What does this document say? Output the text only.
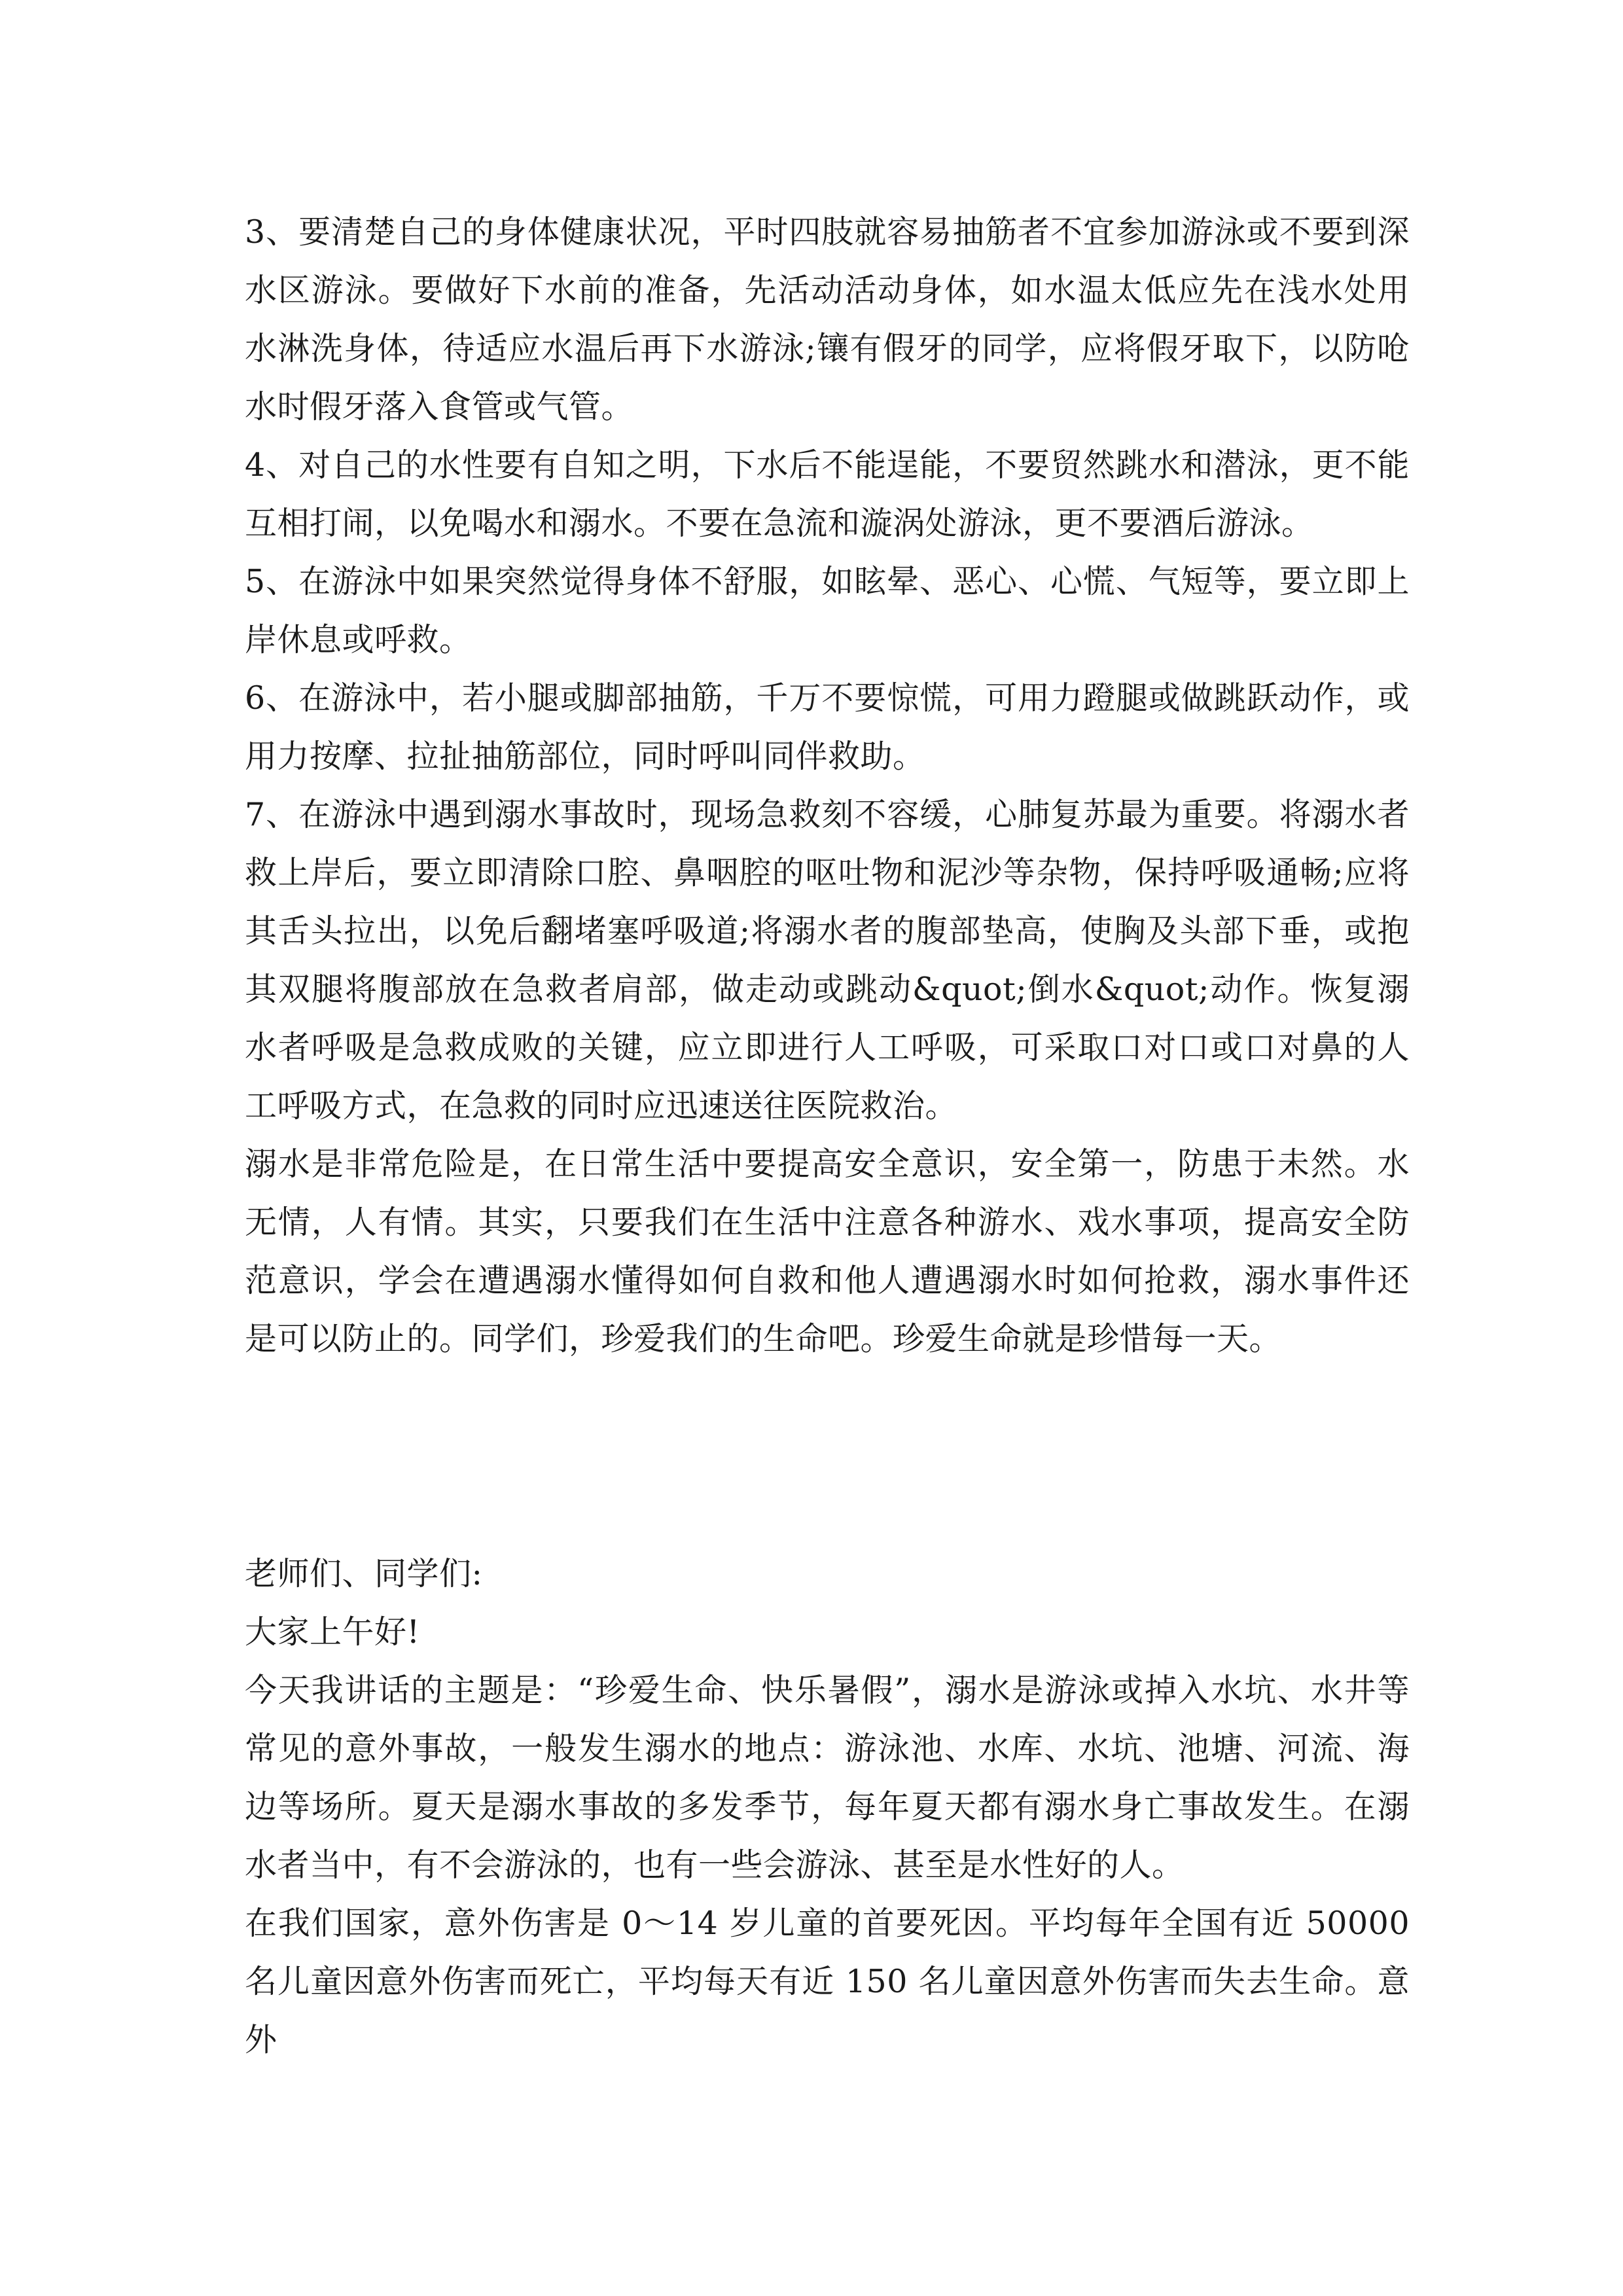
3、要清楚自己的身体健康状况，平时四肢就容易抽筋者不宜参加游泳或不要到深水区游泳。要做好下水前的准备，先活动活动身体，如水温太低应先在浅水处用水淋洗身体，待适应水温后再下水游泳;镶有假牙的同学，应将假牙取下，以防呛水时假牙落入食管或气管。

4、对自己的水性要有自知之明，下水后不能逞能，不要贸然跳水和潜泳，更不能互相打闹，以免喝水和溺水。不要在急流和漩涡处游泳，更不要酒后游泳。

5、在游泳中如果突然觉得身体不舒服，如眩晕、恶心、心慌、气短等，要立即上岸休息或呼救。

6、在游泳中，若小腿或脚部抽筋，千万不要惊慌，可用力蹬腿或做跳跃动作，或用力按摩、拉扯抽筋部位，同时呼叫同伴救助。

7、在游泳中遇到溺水事故时，现场急救刻不容缓，心肺复苏最为重要。将溺水者救上岸后，要立即清除口腔、鼻咽腔的呕吐物和泥沙等杂物，保持呼吸通畅;应将其舌头拉出，以免后翻堵塞呼吸道;将溺水者的腹部垫高，使胸及头部下垂，或抱其双腿将腹部放在急救者肩部，做走动或跳动&quot;倒水&quot;动作。恢复溺水者呼吸是急救成败的关键，应立即进行人工呼吸，可采取口对口或口对鼻的人工呼吸方式，在急救的同时应迅速送往医院救治。

溺水是非常危险是，在日常生活中要提高安全意识，安全第一，防患于未然。水无情，人有情。其实，只要我们在生活中注意各种游水、戏水事项，提高安全防范意识，学会在遭遇溺水懂得如何自救和他人遭遇溺水时如何抢救，溺水事件还是可以防止的。同学们，珍爱我们的生命吧。珍爱生命就是珍惜每一天。

老师们、同学们:

大家上午好!

今天我讲话的主题是：“珍爱生命、快乐暑假”，溺水是游泳或掉入水坑、水井等常见的意外事故，一般发生溺水的地点：游泳池、水库、水坑、池塘、河流、海边等场所。夏天是溺水事故的多发季节，每年夏天都有溺水身亡事故发生。在溺水者当中，有不会游泳的，也有一些会游泳、甚至是水性好的人。

在我们国家，意外伤害是 0～14 岁儿童的首要死因。平均每年全国有近 50000 名儿童因意外伤害而死亡，平均每天有近 150 名儿童因意外伤害而失去生命。意外
